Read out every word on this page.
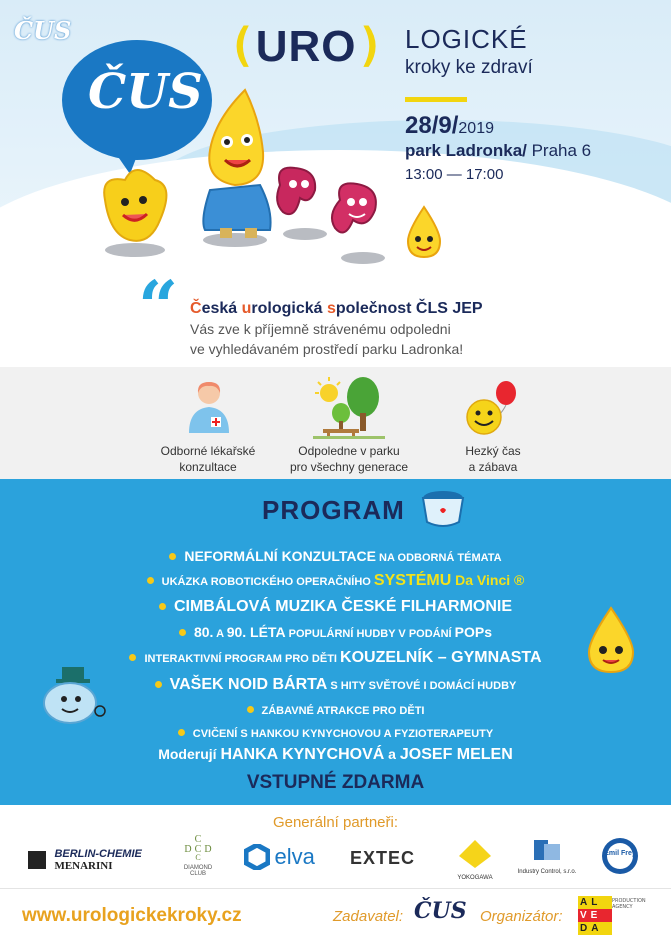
ČUS
ČUS
(URO) LOGICKÉ
kroky ke zdraví
28/9/2019
park Ladronka/ Praha 6
13:00 — 17:00
“ Česká urologická společnost ČLS JEP
Vás zve k příjemně strávenému odpoledni
ve vyhledávaném prostředí parku Ladronka!
Odborné lékařské
konzultace
Odpoledne v parku
pro všechny generace
Hezký čas
a zábava
PROGRAM
NEFORMÁLNÍ KONZULTACE NA ODBORNÁ TÉMATA
UKÁZKA ROBOTICKÉHO OPERAČNÍHO SYSTÉMU Da Vinci ®
CIMBÁLOVÁ MUZIKA ČESKÉ FILHARMONIE
80. A 90. LÉTA POPULÁRNÍ HUDBY V PODÁNÍ POPs
INTERAKTIVNÍ PROGRAM PRO DĚTI KOUZELNÍK – GYMNASTA
VAŠEK NOID BÁRTA S HITY SVĚTOVÉ I DOMÁCÍ HUDBY
ZÁBAVNÉ ATRAKCE PRO DĚTI
CVIČENÍ S HANKOU KYNYCHOVOU A FYZIOTERAPEUTY
Moderují HANKA KYNYCHOVÁ a JOSEF MELEN
VSTUPNÉ ZDARMA
Generální partneři:

BERLIN-CHEMIE
MENARINI
C
D C D
C
DIAMOND
CLUB
elva EXTEC
YOKOGAWA
Industry Control, s.r.o.
Emil Frey
www.urologickekroky.cz	Zadavatel: ČUS Organizátor:
AL
VE
DA
PRODUCTION AGENCY
